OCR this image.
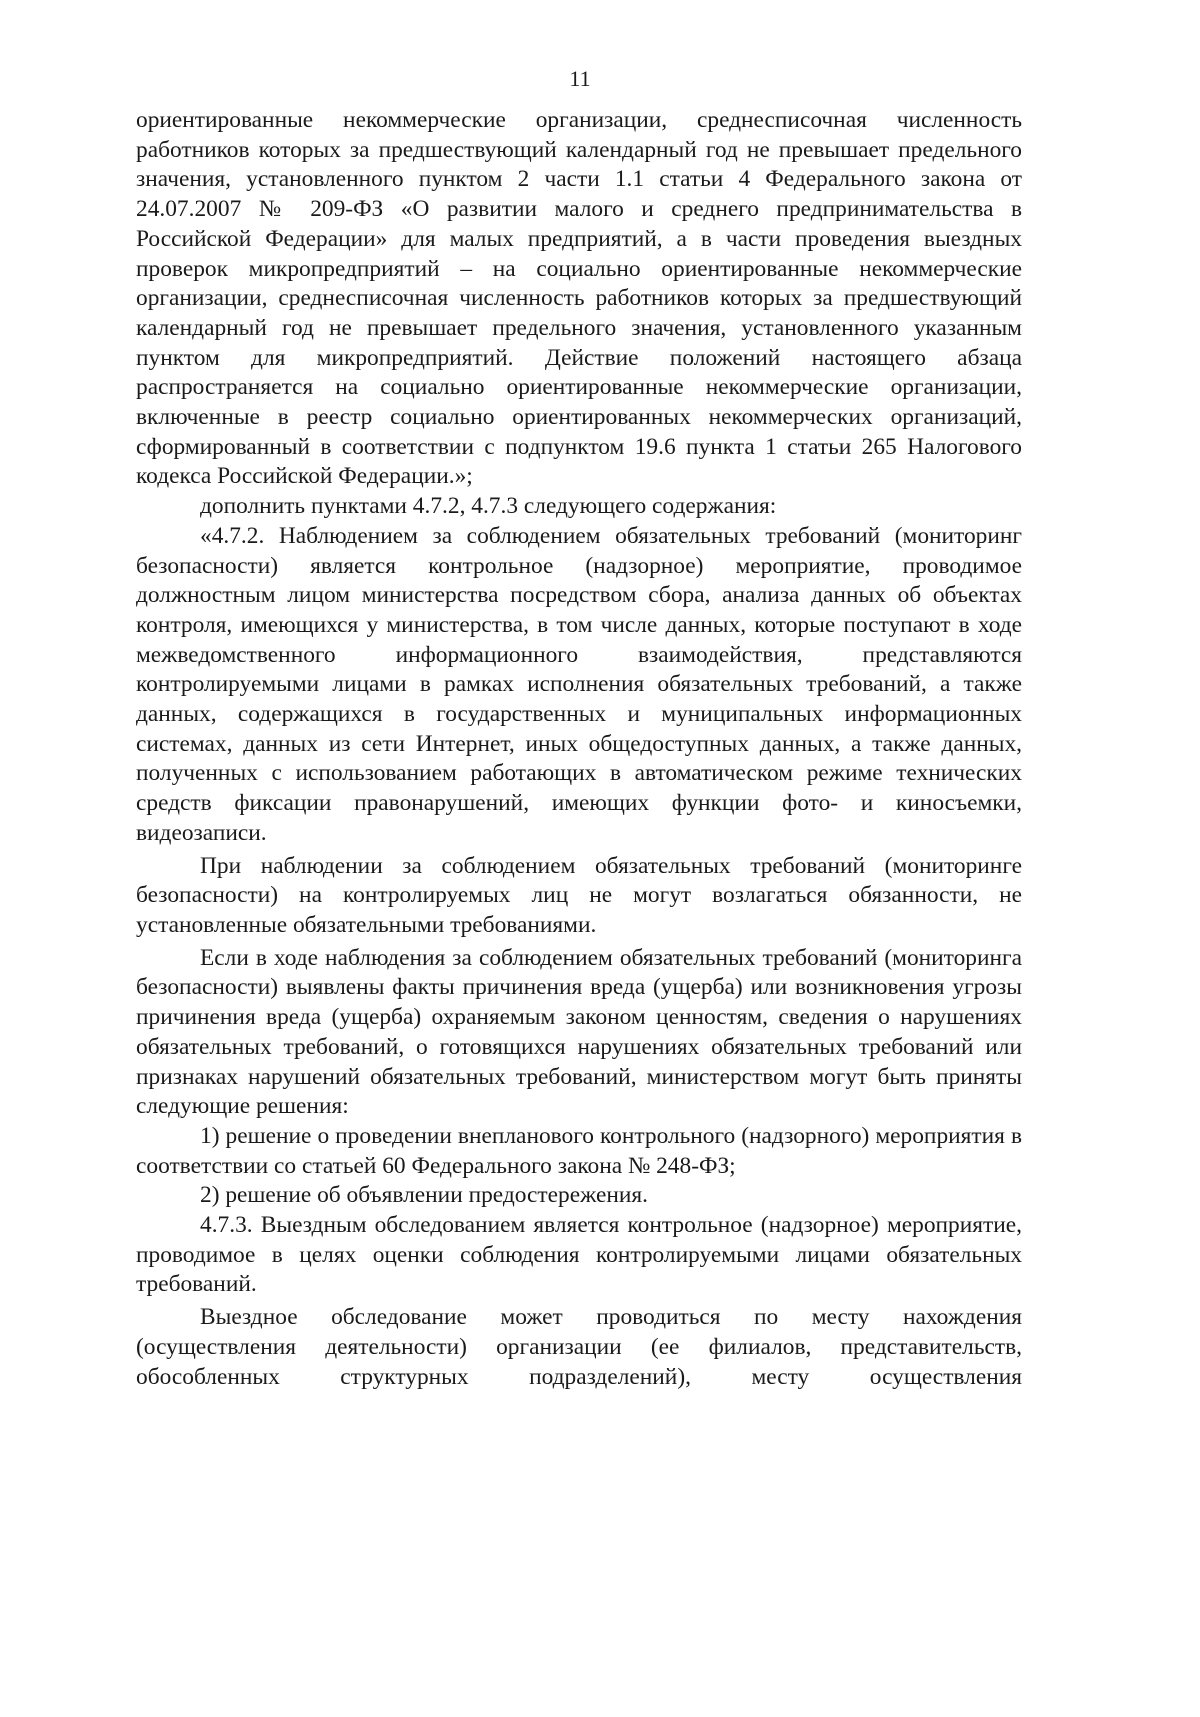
11

ориентированные некоммерческие организации, среднесписочная численность работников которых за предшествующий календарный год не превышает предельного значения, установленного пунктом 2 части 1.1 статьи 4 Федерального закона от 24.07.2007 № 209-ФЗ «О развитии малого и среднего предпринимательства в Российской Федерации» для малых предприятий, а в части проведения выездных проверок микропредприятий – на социально ориентированные некоммерческие организации, среднесписочная численность работников которых за предшествующий календарный год не превышает предельного значения, установленного указанным пунктом для микропредприятий. Действие положений настоящего абзаца распространяется на социально ориентированные некоммерческие организации, включенные в реестр социально ориентированных некоммерческих организаций, сформированный в соответствии с подпунктом 19.6 пункта 1 статьи 265 Налогового кодекса Российской Федерации.»;

дополнить пунктами 4.7.2, 4.7.3 следующего содержания:

«4.7.2. Наблюдением за соблюдением обязательных требований (мониторинг безопасности) является контрольное (надзорное) мероприятие, проводимое должностным лицом министерства посредством сбора, анализа данных об объектах контроля, имеющихся у министерства, в том числе данных, которые поступают в ходе межведомственного информационного взаимодействия, представляются контролируемыми лицами в рамках исполнения обязательных требований, а также данных, содержащихся в государственных и муниципальных информационных системах, данных из сети Интернет, иных общедоступных данных, а также данных, полученных с использованием работающих в автоматическом режиме технических средств фиксации правонарушений, имеющих функции фото- и киносъемки, видеозаписи.

При наблюдении за соблюдением обязательных требований (мониторинге безопасности) на контролируемых лиц не могут возлагаться обязанности, не установленные обязательными требованиями.

Если в ходе наблюдения за соблюдением обязательных требований (мониторинга безопасности) выявлены факты причинения вреда (ущерба) или возникновения угрозы причинения вреда (ущерба) охраняемым законом ценностям, сведения о нарушениях обязательных требований, о готовящихся нарушениях обязательных требований или признаках нарушений обязательных требований, министерством могут быть приняты следующие решения:

1) решение о проведении внепланового контрольного (надзорного) мероприятия в соответствии со статьей 60 Федерального закона № 248-ФЗ;

2) решение об объявлении предостережения.

4.7.3. Выездным обследованием является контрольное (надзорное) мероприятие, проводимое в целях оценки соблюдения контролируемыми лицами обязательных требований.

Выездное обследование может проводиться по месту нахождения (осуществления деятельности) организации (ее филиалов, представительств, обособленных структурных подразделений), месту осуществления
